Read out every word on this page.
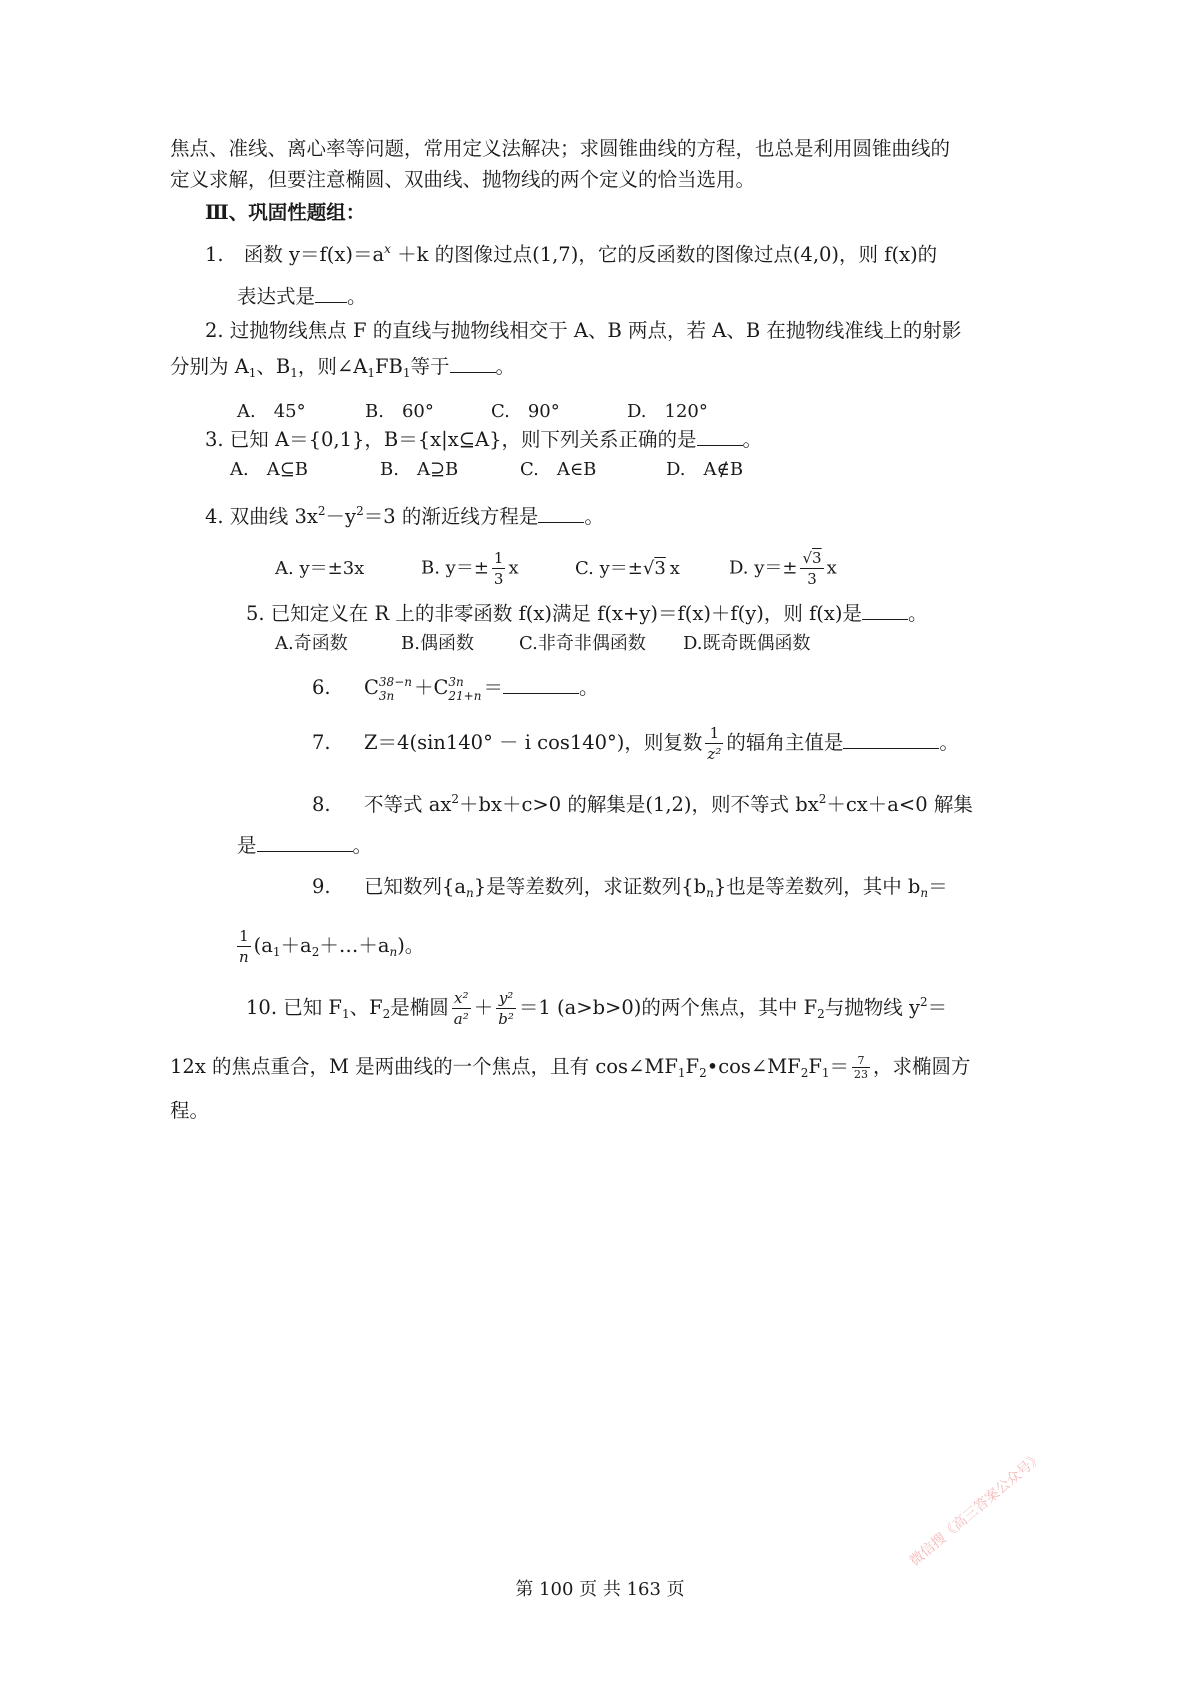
焦点、准线、离心率等问题，常用定义法解决；求圆锥曲线的方程，也总是利用圆锥曲线的
定义求解，但要注意椭圆、双曲线、抛物线的两个定义的恰当选用。
Ⅲ、巩固性题组：
1. 函数 $y=f(x)=a^x +k$ 的图像过点(1,7)，它的反函数的图像过点(4,0)，则 f(x)的
表达式是 。
2. 过抛物线焦点 F 的直线与抛物线相交于 A、B 两点，若 A、B 在抛物线准线上的射影
分别为 $A_1$、$B_1$，则$\angle A_1FB_1$等于 。
A.　45°	B.　60°	C.　90°	D.　120°
3. 已知 A＝{0,1}，B＝{x|x⊆A}，则下列关系正确的是 。
A.　A⊆B	B.　A⊇B	C.　A∈B	D.　A∉B
4. 双曲线 $3x^2-y^2=3$ 的渐近线方程是 。
A. y＝±3x	B. $y=\pm \frac{1}{3}$ x	C. y＝±√3 x	D. $y=\pm \frac{√3}{3}$ x
5. 已知定义在 R 上的非零函数 f(x)满足 f(x+y)＝f(x)＋f(y)，则 f(x)是 。
A.奇函数	B.偶函数	C.非奇非偶函数 D.既奇既偶函数
6. C 38−n
3n	＋C 3n
21+n ＝	。
7. Z＝4(sin140° － i cos140°)，则复数 $\frac{1}{\text{z²}}$ 的辐角主值是	。
8. 不等式 $ax^2+bx+c>0$ 的解集是(1,2)，则不等式 $bx^2+cx+a<0$ 解集
是	。
9. 已知数列$\{a_n\}$是等差数列，求证数列$\{b_n\}$也是等差数列，其中 $b_n=$
$\frac{1}{n}$ $(a_1+a_2+\dots+a_n)$。
10. 已知 $F_1$、$F_2$是椭圆 $\frac{\text{x²}}{\text{a²}} + \frac{\text{y²}}{\text{b²}} =1$ (a>b>0)的两个焦点，其中 $F_2$与抛物线 $y^2=$
12x 的焦点重合，M 是两曲线的一个焦点，且有 $\cos\angle MF_1F_2•\cos\angle MF_2F_1= \frac{7}{23}$ ，求椭圆方
程。
第 100 页 共 163 页
微信搜《高三答案公众号》
